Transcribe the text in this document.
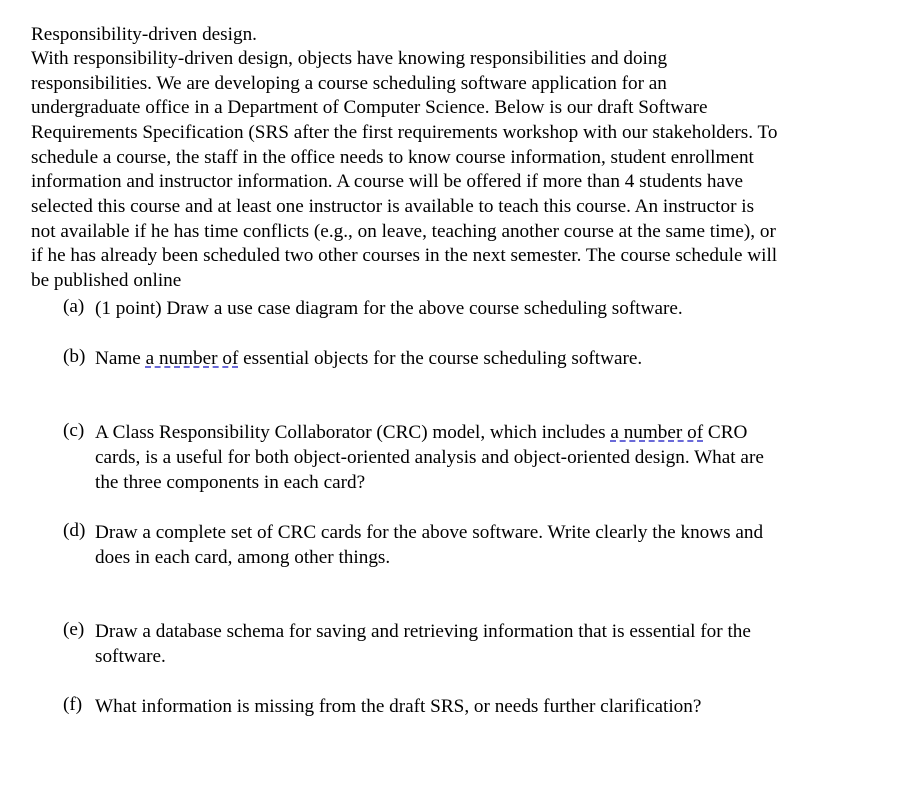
Responsibility-driven design.
With responsibility-driven design, objects have knowing responsibilities and doing
responsibilities. We are developing a course scheduling software application for an
undergraduate office in a Department of Computer Science. Below is our draft Software
Requirements Specification (SRS after the first requirements workshop with our stakeholders. To
schedule a course, the staff in the office needs to know course information, student enrollment
information and instructor information. A course will be offered if more than 4 students have
selected this course and at least one instructor is available to teach this course. An instructor is
not available if he has time conflicts (e.g., on leave, teaching another course at the same time), or
if he has already been scheduled two other courses in the next semester. The course schedule will
be published online
(a) (1 point) Draw a use case diagram for the above course scheduling software.
(b) Name a number of essential objects for the course scheduling software.
(c) A Class Responsibility Collaborator (CRC) model, which includes a number of CRO
cards, is a useful for both object-oriented analysis and object-oriented design. What are
the three components in each card?
(d) Draw a complete set of CRC cards for the above software. Write clearly the knows and
does in each card, among other things.
(e) Draw a database schema for saving and retrieving information that is essential for the
software.
(f) What information is missing from the draft SRS, or needs further clarification?
